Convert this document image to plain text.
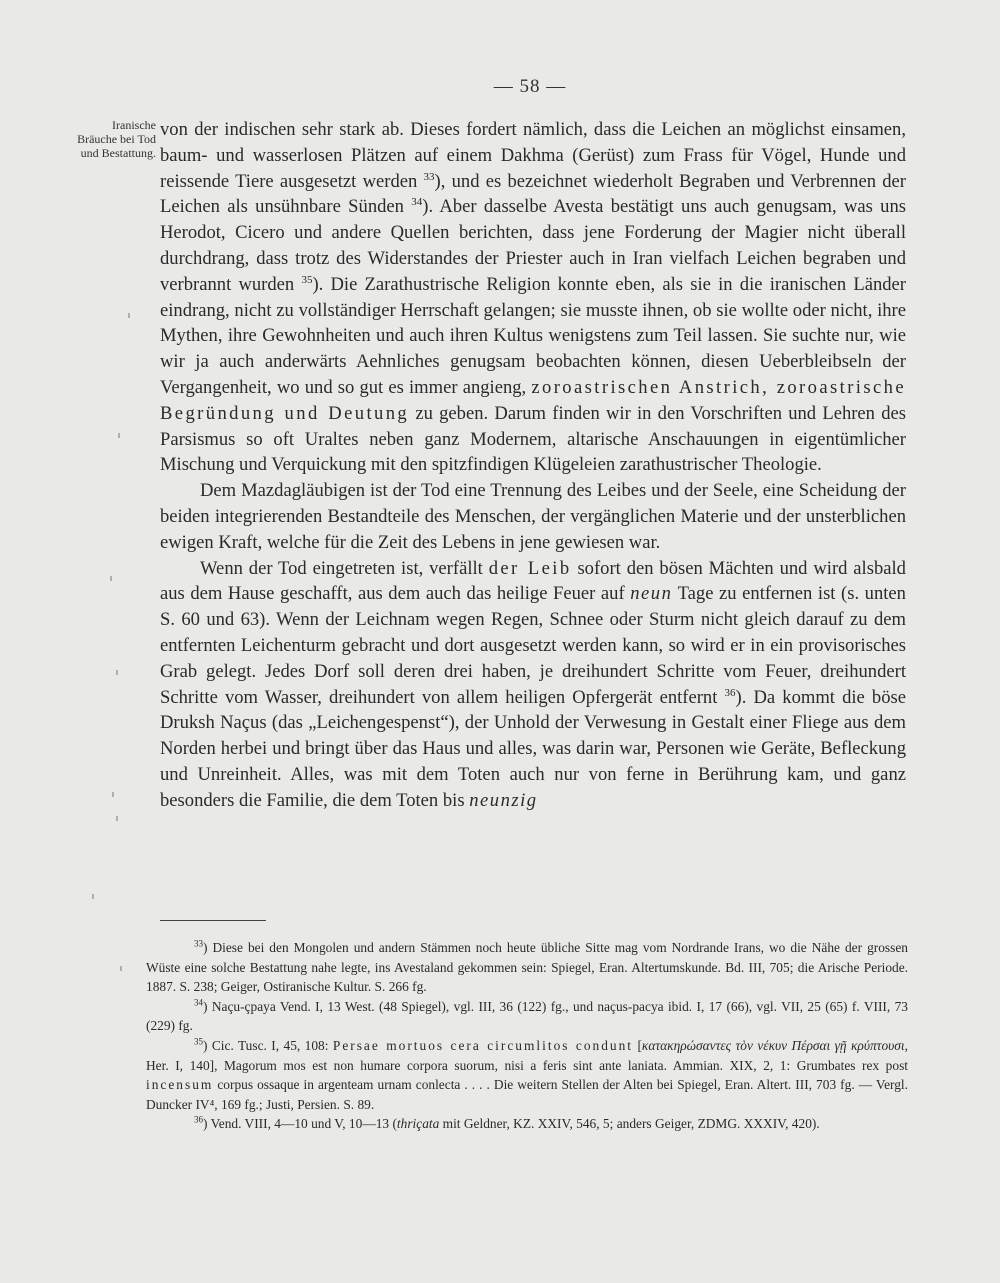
— 58 —
Iranische
Bräuche bei Tod
und Bestattung.

von der indischen sehr stark ab. Dieses fordert nämlich, dass die Leichen an möglichst einsamen, baum- und wasserlosen Plätzen auf einem Dakhma (Gerüst) zum Frass für Vögel, Hunde und reissende Tiere ausgesetzt werden $^{33}$), und es bezeichnet wiederholt Begraben und Verbrennen der Leichen als unsühnbare Sünden $^{34}$). Aber dasselbe Avesta bestätigt uns auch genugsam, was uns Herodot, Cicero und andere Quellen berichten, dass jene Forderung der Magier nicht überall durchdrang, dass trotz des Widerstandes der Priester auch in Iran vielfach Leichen begraben und verbrannt wurden $^{35}$). Die Zarathustrische Religion konnte eben, als sie in die iranischen Länder eindrang, nicht zu vollständiger Herrschaft gelangen; sie musste ihnen, ob sie wollte oder nicht, ihre Mythen, ihre Gewohnheiten und auch ihren Kultus wenigstens zum Teil lassen. Sie suchte nur, wie wir ja auch anderwärts Aehnliches genugsam beobachten können, diesen Ueberbleibseln der Vergangenheit, wo und so gut es immer angieng, zoroastrischen Anstrich, zoroastrische Begründung und Deutung zu geben. Darum finden wir in den Vorschriften und Lehren des Parsismus so oft Uraltes neben ganz Modernem, altarische Anschauungen in eigentümlicher Mischung und Verquickung mit den spitzfindigen Klügeleien zarathustrischer Theologie.

Dem Mazdagläubigen ist der Tod eine Trennung des Leibes und der Seele, eine Scheidung der beiden integrierenden Bestandteile des Menschen, der vergänglichen Materie und der unsterblichen ewigen Kraft, welche für die Zeit des Lebens in jene gewiesen war.

Wenn der Tod eingetreten ist, verfällt der Leib sofort den bösen Mächten und wird alsbald aus dem Hause geschafft, aus dem auch das heilige Feuer auf neun Tage zu entfernen ist (s. unten S. 60 und 63). Wenn der Leichnam wegen Regen, Schnee oder Sturm nicht gleich darauf zu dem entfernten Leichenturm gebracht und dort ausgesetzt werden kann, so wird er in ein provisorisches Grab gelegt. Jedes Dorf soll deren drei haben, je dreihundert Schritte vom Feuer, dreihundert Schritte vom Wasser, dreihundert von allem heiligen Opfergerät entfernt $^{36}$). Da kommt die böse Druksh Naçus (das „Leichengespenst“), der Unhold der Verwesung in Gestalt einer Fliege aus dem Norden herbei und bringt über das Haus und alles, was darin war, Personen wie Geräte, Befleckung und Unreinheit. Alles, was mit dem Toten auch nur von ferne in Berührung kam, und ganz besonders die Familie, die dem Toten bis neunzig

$^{33}$) Diese bei den Mongolen und andern Stämmen noch heute übliche Sitte mag vom Nordrande Irans, wo die Nähe der grossen Wüste eine solche Bestattung nahe legte, ins Avestaland gekommen sein: Spiegel, Eran. Altertumskunde. Bd. III, 705; die Arische Periode. 1887. S. 238; Geiger, Ostiranische Kultur. S. 266 fg.

$^{34}$) Naçu-çpaya Vend. I, 13 West. (48 Spiegel), vgl. III, 36 (122) fg., und naçus-pacya ibid. I, 17 (66), vgl. VII, 25 (65) f. VIII, 73 (229) fg.

$^{35}$) Cic. Tusc. I, 45, 108: Persae mortuos cera circumlitos condunt [κατακηρώσαντες τὸν νέκυν Πέρσαι γῇ κρύπτουσι, Her. I, 140], Magorum mos est non humare corpora suorum, nisi a feris sint ante laniata. Ammian. XIX, 2, 1: Grumbates rex post incensum corpus ossaque in argenteam urnam conlecta . . . . Die weitern Stellen der Alten bei Spiegel, Eran. Altert. III, 703 fg. — Vergl. Duncker IV⁴, 169 fg.; Justi, Persien. S. 89.

$^{36}$) Vend. VIII, 4—10 und V, 10—13 (thriçata mit Geldner, KZ. XXIV, 546, 5; anders Geiger, ZDMG. XXXIV, 420).
